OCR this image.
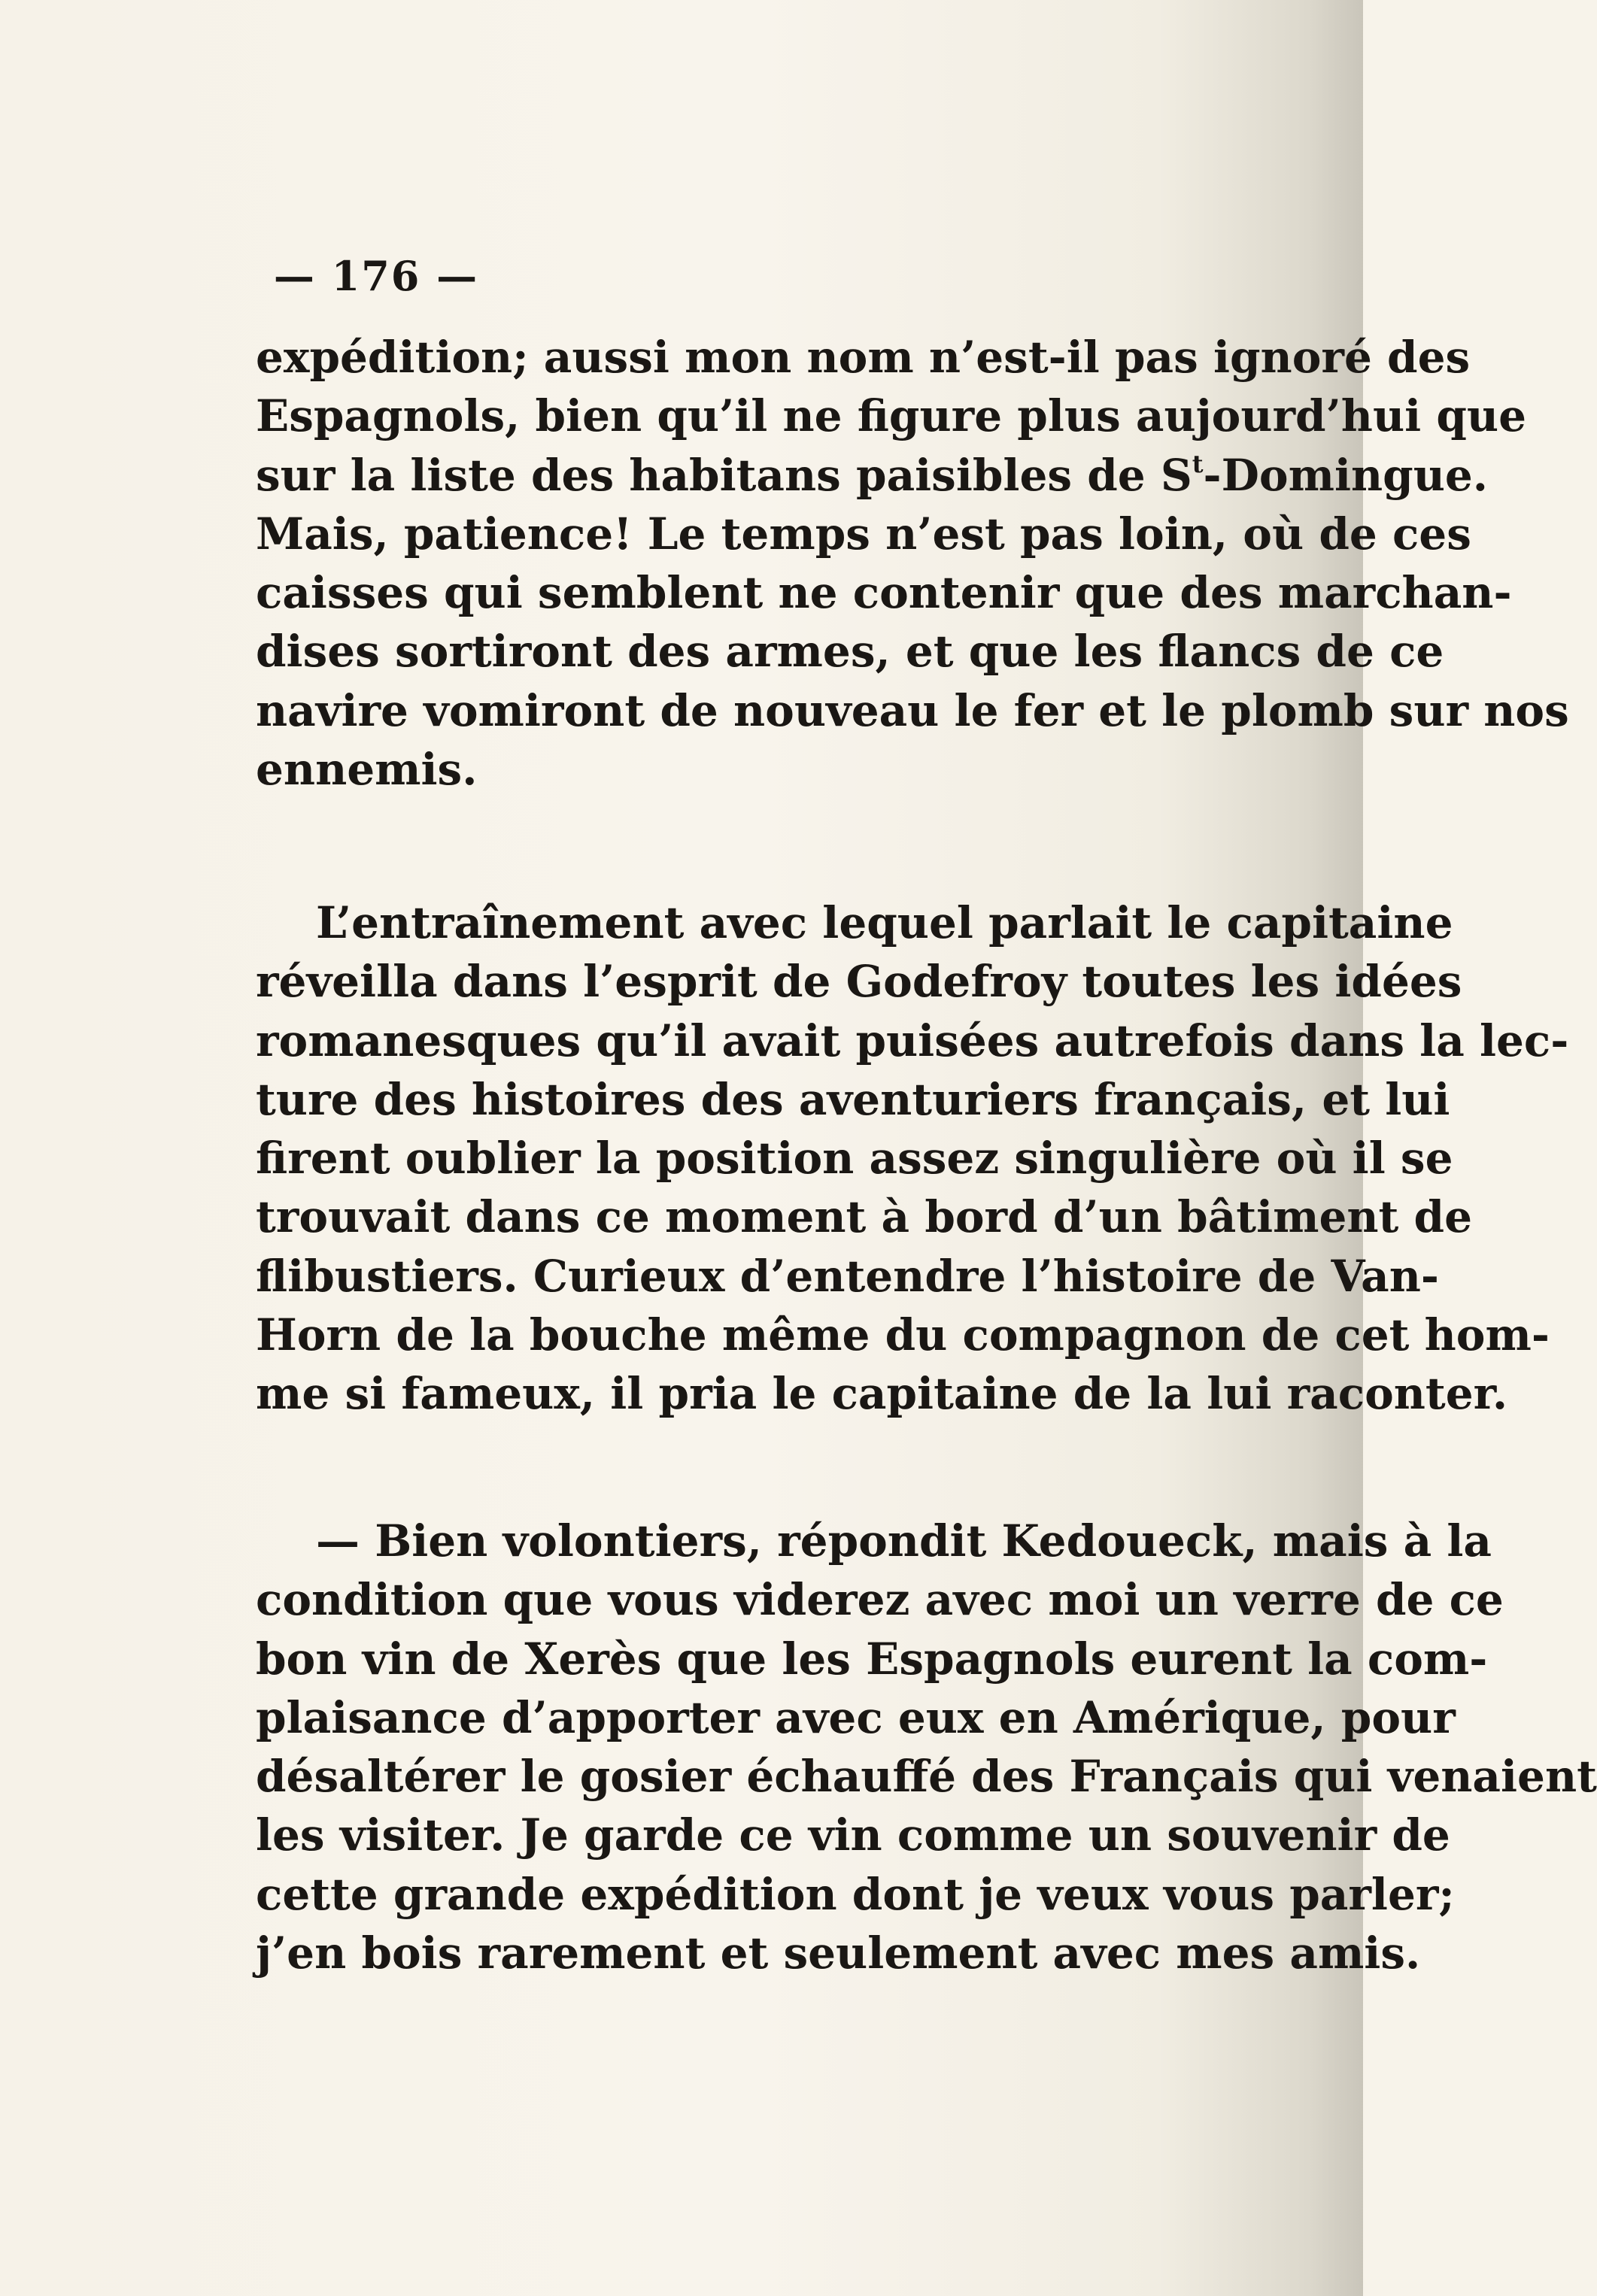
— 176 —
expédition; aussi mon nom n’est-il pas ignoré des
Espagnols, bien qu’il ne figure plus aujourd’hui que
sur la liste des habitans paisibles de $S^t$-Domingue.
Mais, patience! Le temps n’est pas loin, où de ces
caisses qui semblent ne contenir que des marchan-
dises sortiront des armes, et que les flancs de ce
navire vomiront de nouveau le fer et le plomb sur nos
ennemis.
L’entraînement avec lequel parlait le capitaine
réveilla dans l’esprit de Godefroy toutes les idées
romanesques qu’il avait puisées autrefois dans la lec-
ture des histoires des aventuriers français, et lui
firent oublier la position assez singulière où il se
trouvait dans ce moment à bord d’un bâtiment de
flibustiers. Curieux d’entendre l’histoire de Van-
Horn de la bouche même du compagnon de cet hom-
me si fameux, il pria le capitaine de la lui raconter.
— Bien volontiers, répondit Kedoueck, mais à la
condition que vous viderez avec moi un verre de ce
bon vin de Xerès que les Espagnols eurent la com-
plaisance d’apporter avec eux en Amérique, pour
désaltérer le gosier échauffé des Français qui venaient
les visiter. Je garde ce vin comme un souvenir de
cette grande expédition dont je veux vous parler;
j’en bois rarement et seulement avec mes amis.
